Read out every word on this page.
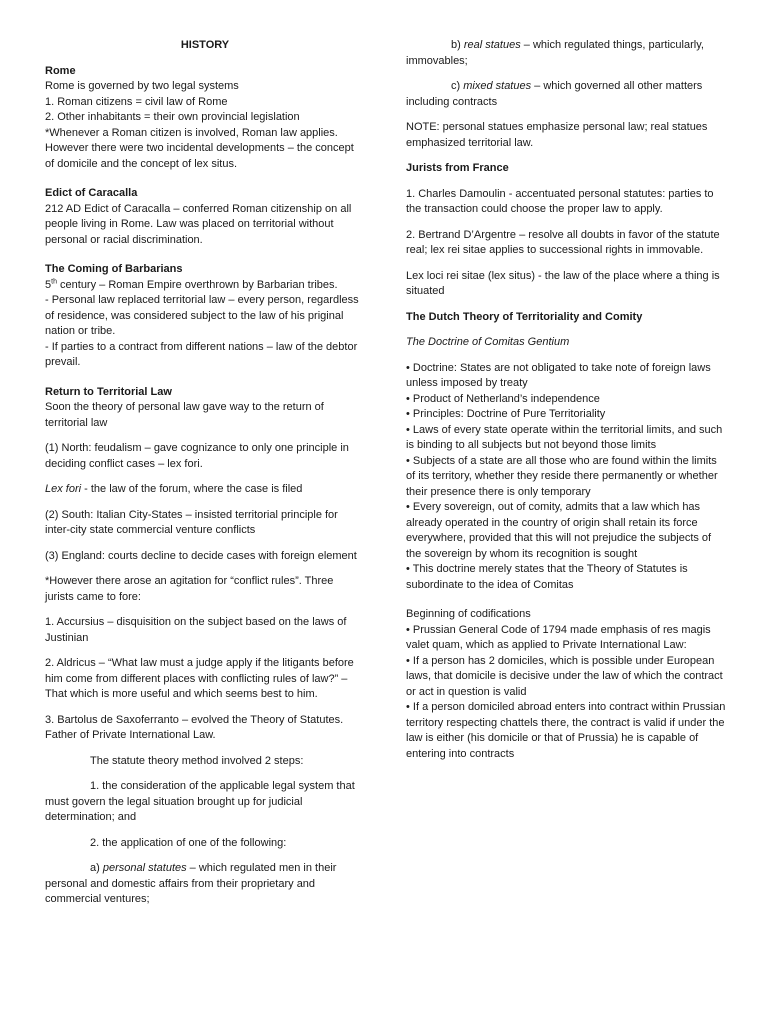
HISTORY

Rome

Rome is governed by two legal systems

1. Roman citizens = civil law of Rome

2. Other inhabitants = their own provincial legislation

*Whenever a Roman citizen is involved, Roman law applies. However there were two incidental developments – the concept of domicile and the concept of lex situs.

Edict of Caracalla

212 AD Edict of Caracalla – conferred Roman citizenship on all people living in Rome. Law was placed on territorial without personal or racial discrimination.

The Coming of Barbarians

5th century – Roman Empire overthrown by Barbarian tribes.

- Personal law replaced territorial law – every person, regardless of residence, was considered subject to the law of his priginal nation or tribe.

- If parties to a contract from different nations – law of the debtor prevail.

Return to Territorial Law

Soon the theory of personal law gave way to the return of territorial law

(1) North: feudalism – gave cognizance to only one principle in deciding conflict cases – lex fori.

Lex fori - the law of the forum, where the case is filed

(2) South: Italian City-States – insisted territorial principle for inter-city state commercial venture conflicts

(3) England: courts decline to decide cases with foreign element

*However there arose an agitation for “conflict rules”. Three jurists came to fore:

1. Accursius – disquisition on the subject based on the laws of Justinian

2. Aldricus – “What law must a judge apply if the litigants before him come from different places with conflicting rules of law?” – That which is more useful and which seems best to him.

3. Bartolus de Saxoferranto – evolved the Theory of Statutes. Father of Private International Law.

The statute theory method involved 2 steps:

1. the consideration of the applicable legal system that must govern the legal situation brought up for judicial determination; and

2. the application of one of the following:

a) personal statutes – which regulated men in their personal and domestic affairs from their proprietary and commercial ventures;

b) real statues – which regulated things, particularly, immovables;

c) mixed statues – which governed all other matters including contracts

NOTE: personal statues emphasize personal law; real statues emphasized territorial law.

Jurists from France

1. Charles Damoulin - accentuated personal statutes: parties to the transaction could choose the proper law to apply.

2. Bertrand D’Argentre – resolve all doubts in favor of the statute real; lex rei sitae applies to successional rights in immovable.

Lex loci rei sitae (lex situs) - the law of the place where a thing is situated

The Dutch Theory of Territoriality and Comity

The Doctrine of Comitas Gentium

• Doctrine: States are not obligated to take note of foreign laws unless imposed by treaty

• Product of Netherland’s independence

• Principles: Doctrine of Pure Territoriality

• Laws of every state operate within the territorial limits, and such is binding to all subjects but not beyond those limits

• Subjects of a state are all those who are found within the limits of its territory, whether they reside there permanently or whether their presence there is only temporary

• Every sovereign, out of comity, admits that a law which has already operated in the country of origin shall retain its force everywhere, provided that this will not prejudice the subjects of the sovereign by whom its recognition is sought

• This doctrine merely states that the Theory of Statutes is subordinate to the idea of Comitas

Beginning of codifications

• Prussian General Code of 1794 made emphasis of res magis valet quam, which as applied to Private International Law:

• If a person has 2 domiciles, which is possible under European laws, that domicile is decisive under the law of which the contract or act in question is valid

• If a person domiciled abroad enters into contract within Prussian territory respecting chattels there, the contract is valid if under the law is either (his domicile or that of Prussia) he is capable of entering into contracts
